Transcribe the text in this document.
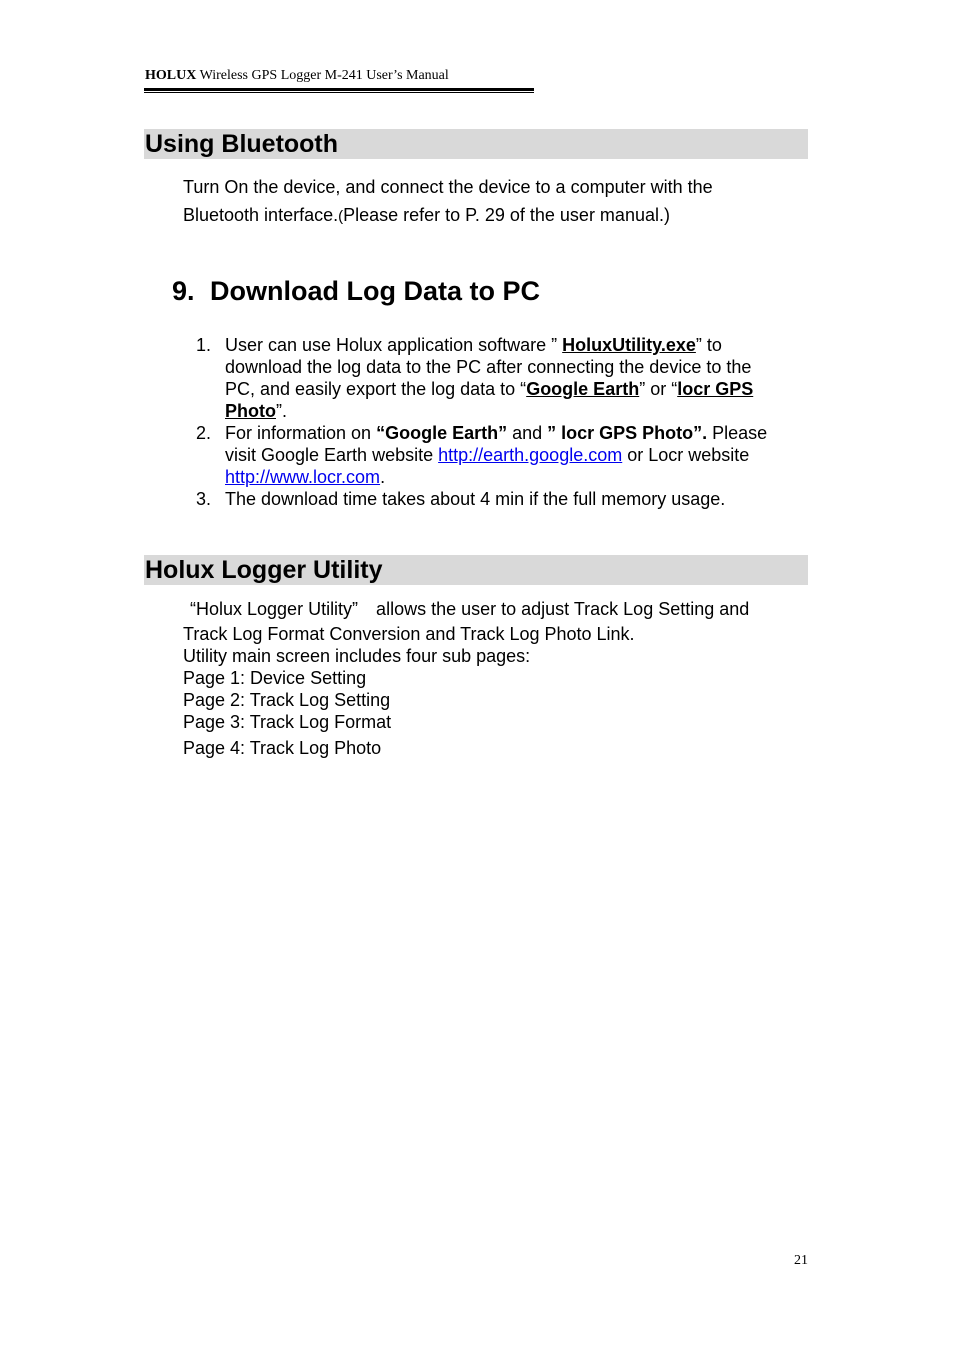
HOLUX Wireless GPS Logger M-241 User’s Manual
Using Bluetooth
Turn On the device, and connect the device to a computer with the
Bluetooth interface.(Please refer to P. 29 of the user manual.)
9. Download Log Data to PC
1. User can use Holux application software ” HoluxUtility.exe” to
download the log data to the PC after connecting the device to the
PC, and easily export the log data to “Google Earth” or “locr GPS
Photo”.
2. For information on “Google Earth” and ” locr GPS Photo”. Please
visit Google Earth website http://earth.google.com or Locr website
http://www.locr.com.
3. The download time takes about 4 min if the full memory usage.
Holux Logger Utility
“Holux Logger Utility”　allows the user to adjust Track Log Setting and
Track Log Format Conversion and Track Log Photo Link.
Utility main screen includes four sub pages:
Page 1: Device Setting
Page 2: Track Log Setting
Page 3: Track Log Format
Page 4: Track Log Photo
21
